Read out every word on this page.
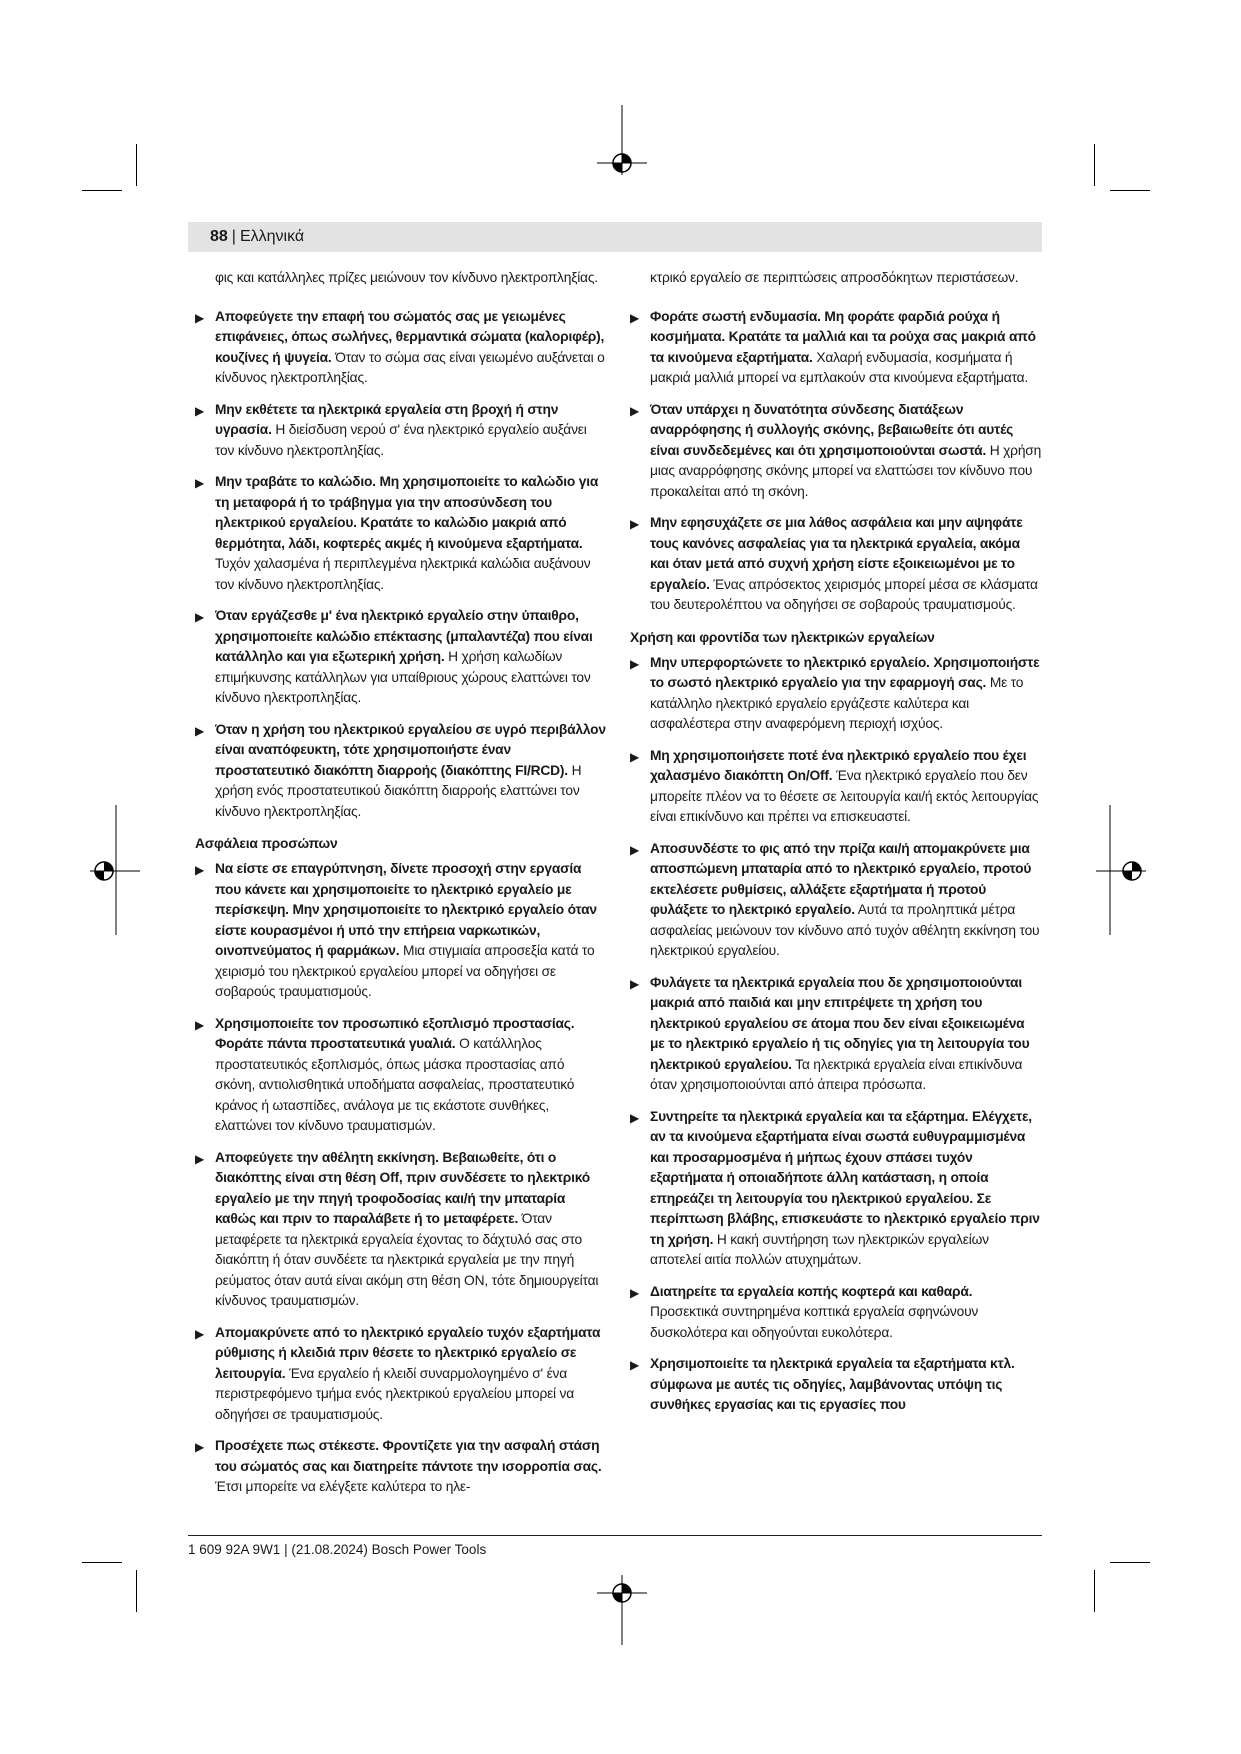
88 | Ελληνικά

φις και κατάλληλες πρίζες μειώνουν τον κίνδυνο ηλεκτροπληξίας.

▶ Αποφεύγετε την επαφή του σώματός σας με γειωμένες επιφάνειες, όπως σωλήνες, θερμαντικά σώματα (καλοριφέρ), κουζίνες ή ψυγεία. Όταν το σώμα σας είναι γειωμένο αυξάνεται ο κίνδυνος ηλεκτροπληξίας.
▶ Μην εκθέτετε τα ηλεκτρικά εργαλεία στη βροχή ή στην υγρασία. Η διείσδυση νερού σ' ένα ηλεκτρικό εργαλείο αυξάνει τον κίνδυνο ηλεκτροπληξίας.
▶ Μην τραβάτε το καλώδιο. Μη χρησιμοποιείτε το καλώδιο για τη μεταφορά ή το τράβηγμα για την αποσύνδεση του ηλεκτρικού εργαλείου. Κρατάτε το καλώδιο μακριά από θερμότητα, λάδι, κοφτερές ακμές ή κινούμενα εξαρτήματα. Τυχόν χαλασμένα ή περιπλεγμένα ηλεκτρικά καλώδια αυξάνουν τον κίνδυνο ηλεκτροπληξίας.
▶ Όταν εργάζεσθε μ' ένα ηλεκτρικό εργαλείο στην ύπαιθρο, χρησιμοποιείτε καλώδιο επέκτασης (μπαλαντέζα) που είναι κατάλληλο και για εξωτερική χρήση. Η χρήση καλωδίων επιμήκυνσης κατάλληλων για υπαίθριους χώρους ελαττώνει τον κίνδυνο ηλεκτροπληξίας.
▶ Όταν η χρήση του ηλεκτρικού εργαλείου σε υγρό περιβάλλον είναι αναπόφευκτη, τότε χρησιμοποιήστε έναν προστατευτικό διακόπτη διαρροής (διακόπτης FI/RCD). Η χρήση ενός προστατευτικού διακόπτη διαρροής ελαττώνει τον κίνδυνο ηλεκτροπληξίας.
Ασφάλεια προσώπων
▶ Να είστε σε επαγρύπνηση, δίνετε προσοχή στην εργασία που κάνετε και χρησιμοποιείτε το ηλεκτρικό εργαλείο με περίσκεψη. Μην χρησιμοποιείτε το ηλεκτρικό εργαλείο όταν είστε κουρασμένοι ή υπό την επήρεια ναρκωτικών, οινοπνεύματος ή φαρμάκων. Μια στιγμιαία απροσεξία κατά το χειρισμό του ηλεκτρικού εργαλείου μπορεί να οδηγήσει σε σοβαρούς τραυματισμούς.
▶ Χρησιμοποιείτε τον προσωπικό εξοπλισμό προστασίας. Φοράτε πάντα προστατευτικά γυαλιά. Ο κατάλληλος προστατευτικός εξοπλισμός, όπως μάσκα προστασίας από σκόνη, αντιολισθητικά υποδήματα ασφαλείας, προστατευτικό κράνος ή ωτασπίδες, ανάλογα με τις εκάστοτε συνθήκες, ελαττώνει τον κίνδυνο τραυματισμών.
▶ Αποφεύγετε την αθέλητη εκκίνηση. Βεβαιωθείτε, ότι ο διακόπτης είναι στη θέση Off, πριν συνδέσετε το ηλεκτρικό εργαλείο με την πηγή τροφοδοσίας και/ή την μπαταρία καθώς και πριν το παραλάβετε ή το μεταφέρετε. Όταν μεταφέρετε τα ηλεκτρικά εργαλεία έχοντας το δάχτυλό σας στο διακόπτη ή όταν συνδέετε τα ηλεκτρικά εργαλεία με την πηγή ρεύματος όταν αυτά είναι ακόμη στη θέση ON, τότε δημιουργείται κίνδυνος τραυματισμών.
▶ Απομακρύνετε από το ηλεκτρικό εργαλείο τυχόν εξαρτήματα ρύθμισης ή κλειδιά πριν θέσετε το ηλεκτρικό εργαλείο σε λειτουργία. Ένα εργαλείο ή κλειδί συναρμολογημένο σ' ένα περιστρεφόμενο τμήμα ενός ηλεκτρικού εργαλείου μπορεί να οδηγήσει σε τραυματισμούς.
▶ Προσέχετε πως στέκεστε. Φροντίζετε για την ασφαλή στάση του σώματός σας και διατηρείτε πάντοτε την ισορροπία σας. Έτσι μπορείτε να ελέγξετε καλύτερα το ηλε-

κτρικό εργαλείο σε περιπτώσεις απροσδόκητων περιστάσεων.

▶ Φοράτε σωστή ενδυμασία. Μη φοράτε φαρδιά ρούχα ή κοσμήματα. Κρατάτε τα μαλλιά και τα ρούχα σας μακριά από τα κινούμενα εξαρτήματα. Χαλαρή ενδυμασία, κοσμήματα ή μακριά μαλλιά μπορεί να εμπλακούν στα κινούμενα εξαρτήματα.
▶ Όταν υπάρχει η δυνατότητα σύνδεσης διατάξεων αναρρόφησης ή συλλογής σκόνης, βεβαιωθείτε ότι αυτές είναι συνδεδεμένες και ότι χρησιμοποιούνται σωστά. Η χρήση μιας αναρρόφησης σκόνης μπορεί να ελαττώσει τον κίνδυνο που προκαλείται από τη σκόνη.
▶ Μην εφησυχάζετε σε μια λάθος ασφάλεια και μην αψηφάτε τους κανόνες ασφαλείας για τα ηλεκτρικά εργαλεία, ακόμα και όταν μετά από συχνή χρήση είστε εξοικειωμένοι με το εργαλείο. Ένας απρόσεκτος χειρισμός μπορεί μέσα σε κλάσματα του δευτερολέπτου να οδηγήσει σε σοβαρούς τραυματισμούς.
Χρήση και φροντίδα των ηλεκτρικών εργαλείων
▶ Μην υπερφορτώνετε το ηλεκτρικό εργαλείο. Χρησιμοποιήστε το σωστό ηλεκτρικό εργαλείο για την εφαρμογή σας. Με το κατάλληλο ηλεκτρικό εργαλείο εργάζεστε καλύτερα και ασφαλέστερα στην αναφερόμενη περιοχή ισχύος.
▶ Μη χρησιμοποιήσετε ποτέ ένα ηλεκτρικό εργαλείο που έχει χαλασμένο διακόπτη On/Off. Ένα ηλεκτρικό εργαλείο που δεν μπορείτε πλέον να το θέσετε σε λειτουργία και/ή εκτός λειτουργίας είναι επικίνδυνο και πρέπει να επισκευαστεί.
▶ Αποσυνδέστε το φις από την πρίζα και/ή απομακρύνετε μια αποσπώμενη μπαταρία από το ηλεκτρικό εργαλείο, προτού εκτελέσετε ρυθμίσεις, αλλάξετε εξαρτήματα ή προτού φυλάξετε το ηλεκτρικό εργαλείο. Αυτά τα προληπτικά μέτρα ασφαλείας μειώνουν τον κίνδυνο από τυχόν αθέλητη εκκίνηση του ηλεκτρικού εργαλείου.
▶ Φυλάγετε τα ηλεκτρικά εργαλεία που δε χρησιμοποιούνται μακριά από παιδιά και μην επιτρέψετε τη χρήση του ηλεκτρικού εργαλείου σε άτομα που δεν είναι εξοικειωμένα με το ηλεκτρικό εργαλείο ή τις οδηγίες για τη λειτουργία του ηλεκτρικού εργαλείου. Τα ηλεκτρικά εργαλεία είναι επικίνδυνα όταν χρησιμοποιούνται από άπειρα πρόσωπα.
▶ Συντηρείτε τα ηλεκτρικά εργαλεία και τα εξάρτημα. Ελέγχετε, αν τα κινούμενα εξαρτήματα είναι σωστά ευθυγραμμισμένα και προσαρμοσμένα ή μήπως έχουν σπάσει τυχόν εξαρτήματα ή οποιαδήποτε άλλη κατάσταση, η οποία επηρεάζει τη λειτουργία του ηλεκτρικού εργαλείου. Σε περίπτωση βλάβης, επισκευάστε το ηλεκτρικό εργαλείο πριν τη χρήση. Η κακή συντήρηση των ηλεκτρικών εργαλείων αποτελεί αιτία πολλών ατυχημάτων.
▶ Διατηρείτε τα εργαλεία κοπής κοφτερά και καθαρά. Προσεκτικά συντηρημένα κοπτικά εργαλεία σφηνώνουν δυσκολότερα και οδηγούνται ευκολότερα.
▶ Χρησιμοποιείτε τα ηλεκτρικά εργαλεία τα εξαρτήματα κτλ. σύμφωνα με αυτές τις οδηγίες, λαμβάνοντας υπόψη τις συνθήκες εργασίας και τις εργασίες που
1 609 92A 9W1 | (21.08.2024) Bosch Power Tools
